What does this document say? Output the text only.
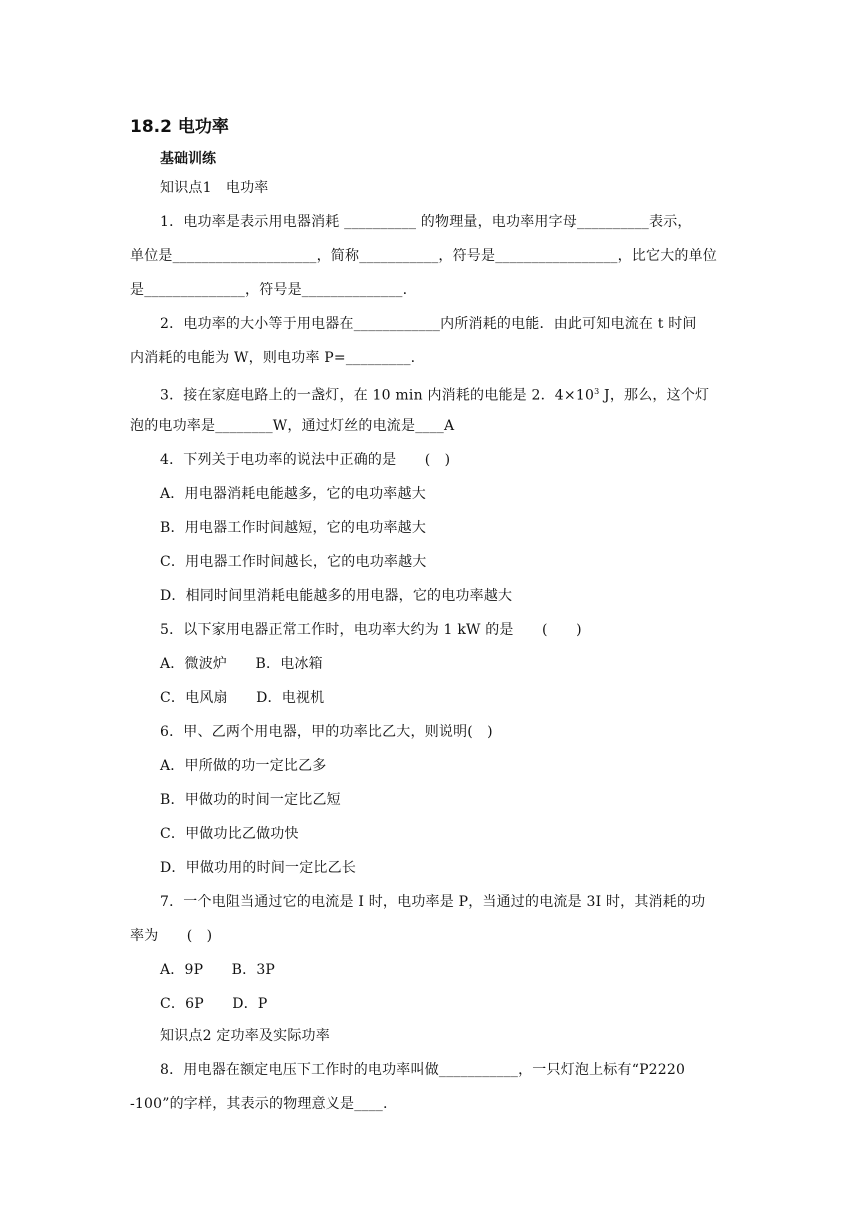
18.2 电功率
基础训练
知识点1　电功率
1．电功率是表示用电器消耗 __________ 的物理量，电功率用字母__________表示，
单位是____________________，简称___________，符号是_________________，比它大的单位
是______________，符号是______________.
2．电功率的大小等于用电器在____________内所消耗的电能．由此可知电流在 t 时间
内消耗的电能为 W，则电功率 P=_________.
3．接在家庭电路上的一盏灯，在 10 min 内消耗的电能是 2．$4\times 10^3$ J，那么，这个灯
泡的电功率是________W，通过灯丝的电流是____A
4．下列关于电功率的说法中正确的是　　(　)
A．用电器消耗电能越多，它的电功率越大
B．用电器工作时间越短，它的电功率越大
C．用电器工作时间越长，它的电功率越大
D．相同时间里消耗电能越多的用电器，它的电功率越大
5．以下家用电器正常工作时，电功率大约为 1 kW 的是　　(　　)
A．微波炉　　B．电冰箱
C．电风扇　　D．电视机
6．甲、乙两个用电器，甲的功率比乙大，则说明(　)
A．甲所做的功一定比乙多
B．甲做功的时间一定比乙短
C．甲做功比乙做功快
D．甲做功用的时间一定比乙长
7．一个电阻当通过它的电流是 I 时，电功率是 P，当通过的电流是 3I 时，其消耗的功
率为　　(　)
A．9P　　B．3P
C．6P　　D．P
知识点2 定功率及实际功率
8．用电器在额定电压下工作时的电功率叫做___________，一只灯泡上标有“P2220
-100”的字样，其表示的物理意义是____.
